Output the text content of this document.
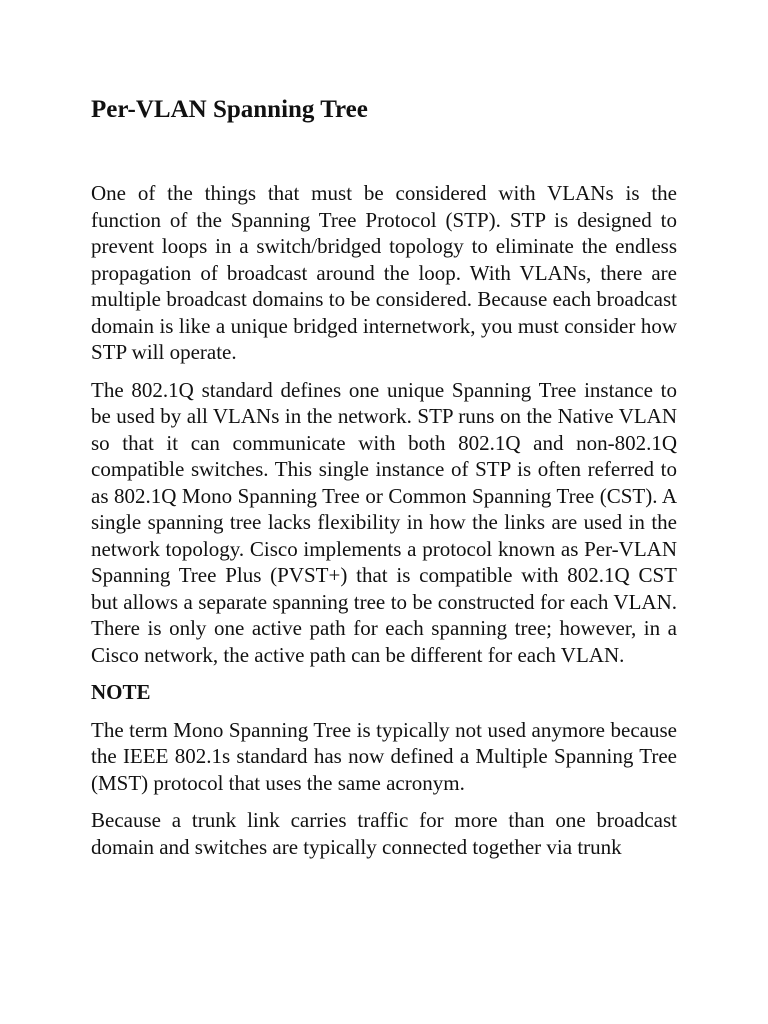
Per-VLAN Spanning Tree

One of the things that must be considered with VLANs is the function of the Spanning Tree Protocol (STP). STP is designed to prevent loops in a switch/bridged topology to eliminate the endless propagation of broadcast around the loop. With VLANs, there are multiple broadcast domains to be considered. Because each broadcast domain is like a unique bridged internetwork, you must consider how STP will operate.

The 802.1Q standard defines one unique Spanning Tree instance to be used by all VLANs in the network. STP runs on the Native VLAN so that it can communicate with both 802.1Q and non-802.1Q compatible switches. This single instance of STP is often referred to as 802.1Q Mono Spanning Tree or Common Spanning Tree (CST). A single spanning tree lacks flexibility in how the links are used in the network topology. Cisco implements a protocol known as Per-VLAN Spanning Tree Plus (PVST+) that is compatible with 802.1Q CST but allows a separate spanning tree to be constructed for each VLAN. There is only one active path for each spanning tree; however, in a Cisco network, the active path can be different for each VLAN.

NOTE

The term Mono Spanning Tree is typically not used anymore because the IEEE 802.1s standard has now defined a Multiple Spanning Tree (MST) protocol that uses the same acronym.

Because a trunk link carries traffic for more than one broadcast domain and switches are typically connected together via trunk
